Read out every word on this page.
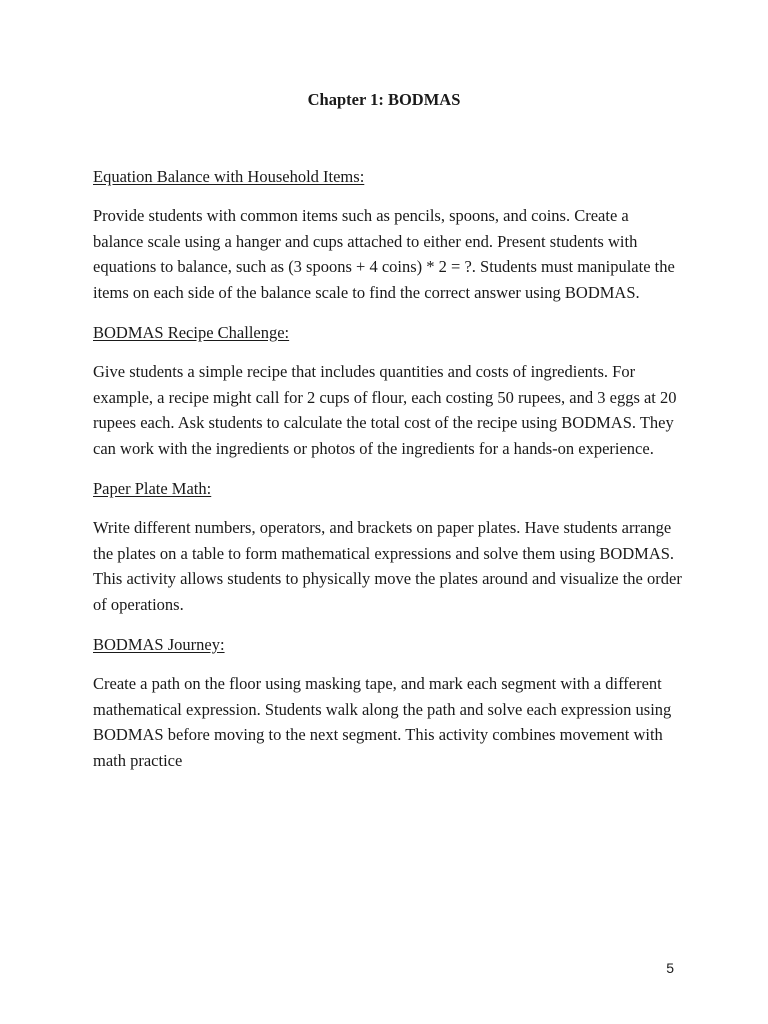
Chapter 1: BODMAS

Equation Balance with Household Items:

Provide students with common items such as pencils, spoons, and coins. Create a balance scale using a hanger and cups attached to either end. Present students with equations to balance, such as (3 spoons + 4 coins) * 2 = ?. Students must manipulate the items on each side of the balance scale to find the correct answer using BODMAS.

BODMAS Recipe Challenge:

Give students a simple recipe that includes quantities and costs of ingredients. For example, a recipe might call for 2 cups of flour, each costing 50 rupees, and 3 eggs at 20 rupees each. Ask students to calculate the total cost of the recipe using BODMAS. They can work with the ingredients or photos of the ingredients for a hands-on experience.

Paper Plate Math:

Write different numbers, operators, and brackets on paper plates. Have students arrange the plates on a table to form mathematical expressions and solve them using BODMAS. This activity allows students to physically move the plates around and visualize the order of operations.

BODMAS Journey:

Create a path on the floor using masking tape, and mark each segment with a different mathematical expression. Students walk along the path and solve each expression using BODMAS before moving to the next segment. This activity combines movement with math practice

5
